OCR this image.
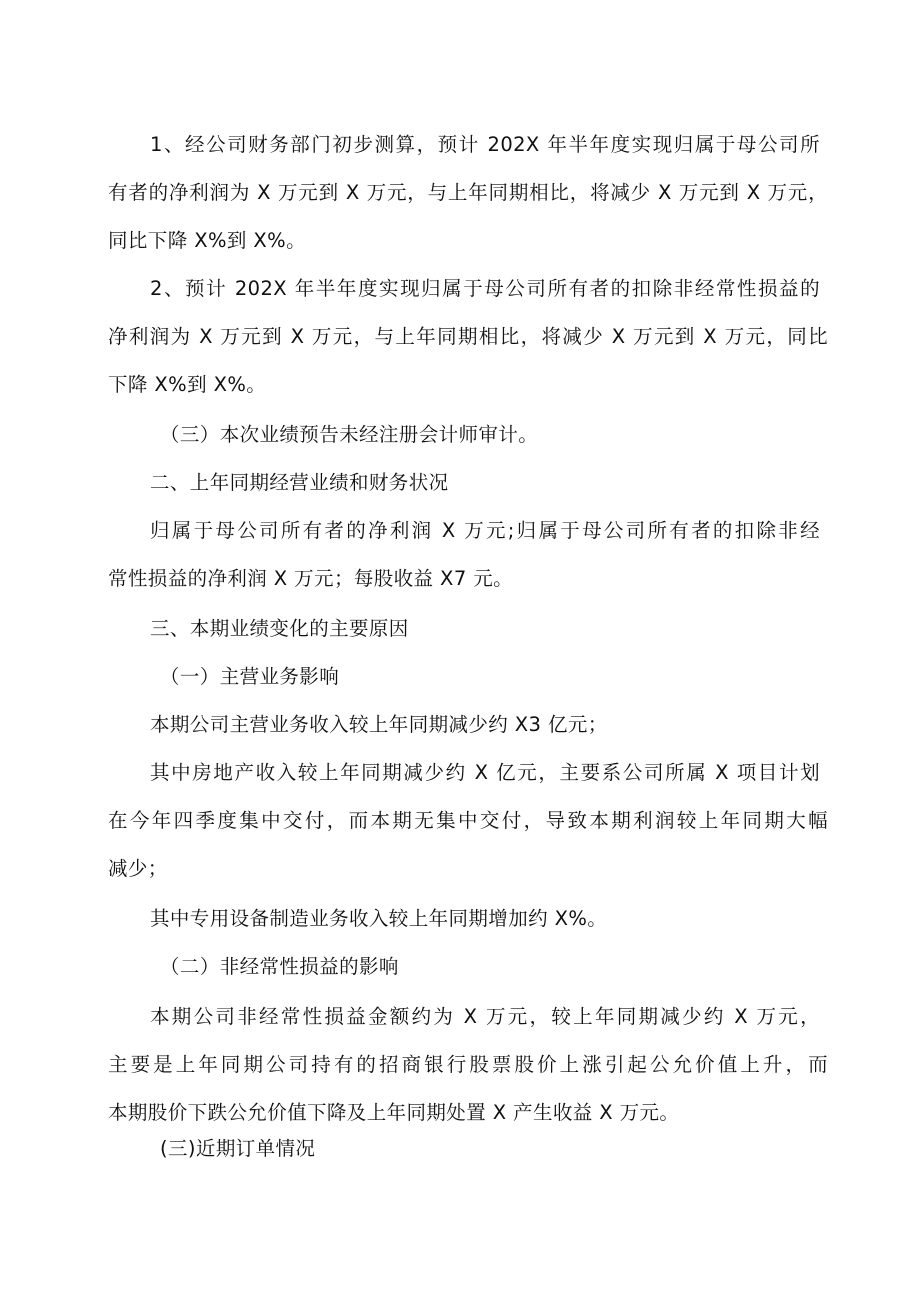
1、经公司财务部门初步测算，预计 202X 年半年度实现归属于母公司所
有者的净利润为 X 万元到 X 万元，与上年同期相比，将减少 X 万元到 X 万元，
同比下降 X%到 X%。
2、预计 202X 年半年度实现归属于母公司所有者的扣除非经常性损益的
净利润为 X 万元到 X 万元，与上年同期相比，将减少 X 万元到 X 万元，同比
下降 X%到 X%。
（三）本次业绩预告未经注册会计师审计。
二、上年同期经营业绩和财务状况
归属于母公司所有者的净利润 X 万元;归属于母公司所有者的扣除非经
常性损益的净利润 X 万元；每股收益 X7 元。
三、本期业绩变化的主要原因
（一）主营业务影响
本期公司主营业务收入较上年同期减少约 X3 亿元；
其中房地产收入较上年同期减少约 X 亿元，主要系公司所属 X 项目计划
在今年四季度集中交付，而本期无集中交付，导致本期利润较上年同期大幅
减少；
其中专用设备制造业务收入较上年同期增加约 X%。
（二）非经常性损益的影响
本期公司非经常性损益金额约为 X 万元，较上年同期减少约 X 万元，
主要是上年同期公司持有的招商银行股票股价上涨引起公允价值上升，而
本期股价下跌公允价值下降及上年同期处置 X 产生收益 X 万元。
(三)近期订单情况
